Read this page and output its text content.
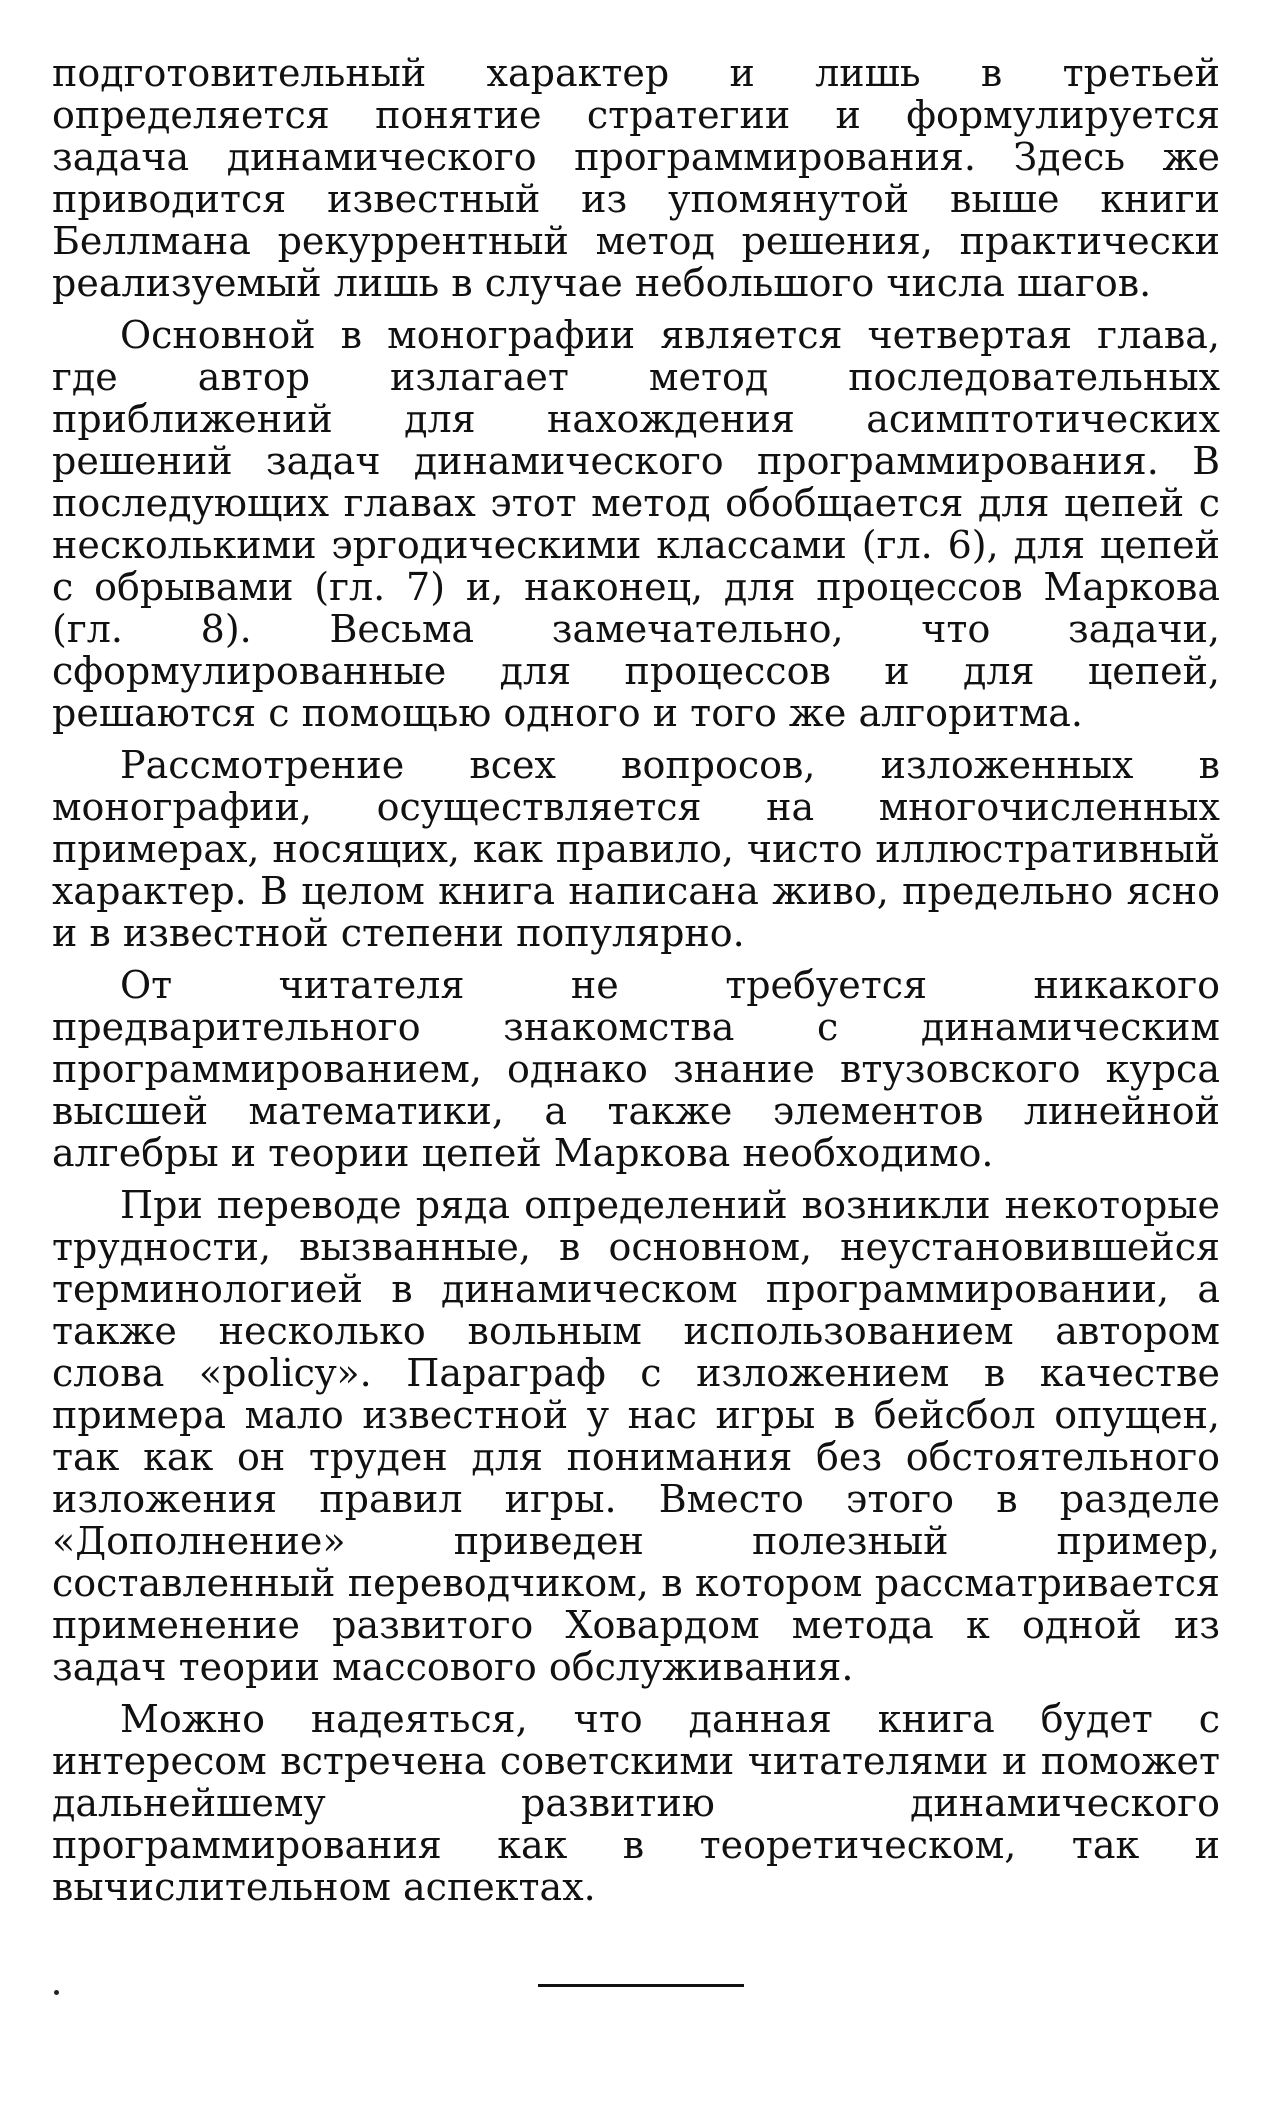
подготовительный характер и лишь в третьей определяется понятие стратегии и формулируется задача динамического программирования. Здесь же приводится известный из упомянутой выше книги Беллмана рекуррентный метод решения, практически реализуемый лишь в случае небольшого числа шагов.

Основной в монографии является четвертая глава, где автор излагает метод последовательных приближений для нахождения асимптотических решений задач динамического программирования. В последующих главах этот метод обобщается для цепей с несколькими эргодическими классами (гл. 6), для цепей с обрывами (гл. 7) и, наконец, для процессов Маркова (гл. 8). Весьма замечательно, что задачи, сформулированные для процессов и для цепей, решаются с помощью одного и того же алгоритма.

Рассмотрение всех вопросов, изложенных в монографии, осуществляется на многочисленных примерах, носящих, как правило, чисто иллюстративный характер. В целом книга написана живо, предельно ясно и в известной степени популярно.

От читателя не требуется никакого предварительного знакомства с динамическим программированием, однако знание втузовского курса высшей математики, а также элементов линейной алгебры и теории цепей Маркова необходимо.

При переводе ряда определений возникли некоторые трудности, вызванные, в основном, неустановившейся терминологией в динамическом программировании, а также несколько вольным использованием автором слова «policy». Параграф с изложением в качестве примера мало известной у нас игры в бейсбол опущен, так как он труден для понимания без обстоятельного изложения правил игры. Вместо этого в разделе «Дополнение» приведен полезный пример, составленный переводчиком, в котором рассматривается применение развитого Ховардом метода к одной из задач теории массового обслуживания.

Можно надеяться, что данная книга будет с интересом встречена советскими читателями и поможет дальнейшему развитию динамического программирования как в теоретическом, так и вычислительном аспектах.
